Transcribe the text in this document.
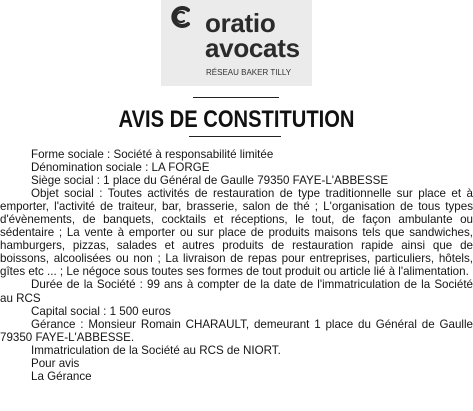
oratio
avocats
RÉSEAU BAKER TILLY
AVIS DE CONSTITUTION
Forme sociale : Société à responsabilité limitée
Dénomination sociale : LA FORGE
Siège social : 1 place du Général de Gaulle 79350 FAYE-L'ABBESSE
Objet social : Toutes activités de restauration de type traditionnelle sur place et à emporter, l'activité de traiteur, bar, brasserie, salon de thé ; L'organisation de tous types d'évènements, de banquets, cocktails et réceptions, le tout, de façon ambulante ou sédentaire ; La vente à emporter ou sur place de produits maisons tels que sandwiches, hamburgers, pizzas, salades et autres produits de restauration rapide ainsi que de boissons, alcoolisées ou non ; La livraison de repas pour entreprises, particuliers, hôtels, gîtes etc ... ; Le négoce sous toutes ses formes de tout produit ou article lié à l'alimentation.
Durée de la Société : 99 ans à compter de la date de l'immatriculation de la Société au RCS
Capital social : 1 500 euros
Gérance : Monsieur Romain CHARAULT, demeurant 1 place du Général de Gaulle 79350 FAYE-L'ABBESSE.
Immatriculation de la Société au RCS de NIORT.
Pour avis
La Gérance
